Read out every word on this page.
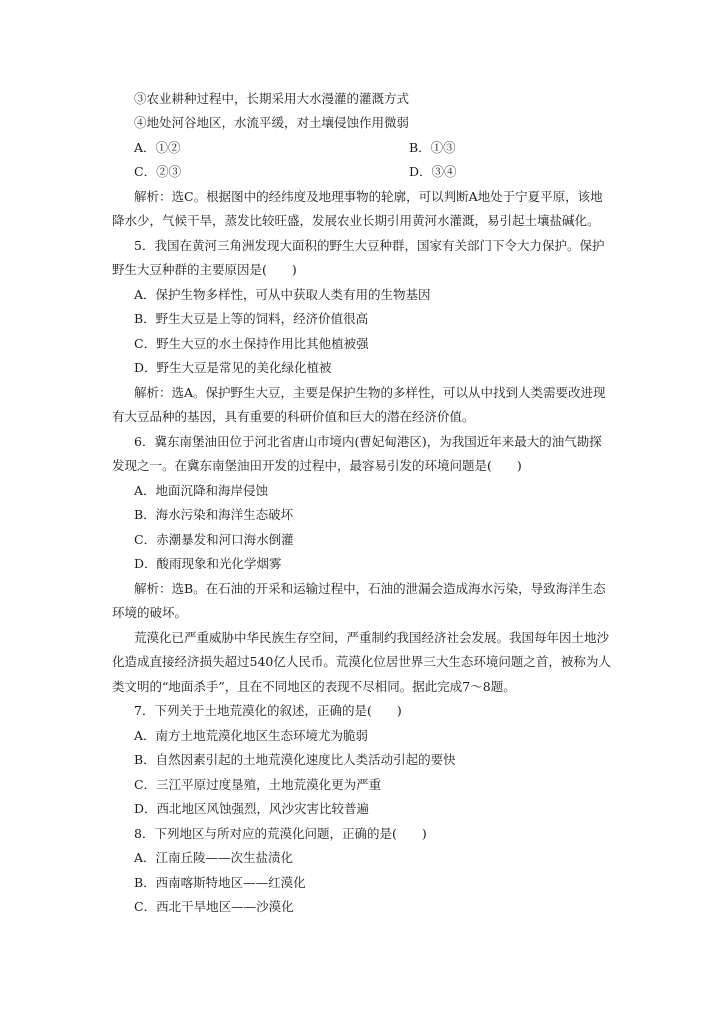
③农业耕种过程中，长期采用大水漫灌的灌溉方式

④地处河谷地区，水流平缓，对土壤侵蚀作用微弱

A．①②	B．①③

C．②③	D．③④

解析：选C。根据图中的经纬度及地理事物的轮廓，可以判断A地处于宁夏平原，该地

降水少，气候干旱，蒸发比较旺盛，发展农业长期引用黄河水灌溉，易引起土壤盐碱化。

5．我国在黄河三角洲发现大面积的野生大豆种群，国家有关部门下令大力保护。保护

野生大豆种群的主要原因是(　　)

A．保护生物多样性，可从中获取人类有用的生物基因

B．野生大豆是上等的饲料，经济价值很高

C．野生大豆的水土保持作用比其他植被强

D．野生大豆是常见的美化绿化植被

解析：选A。保护野生大豆，主要是保护生物的多样性，可以从中找到人类需要改进现

有大豆品种的基因，具有重要的科研价值和巨大的潜在经济价值。

6．冀东南堡油田位于河北省唐山市境内(曹妃甸港区)，为我国近年来最大的油气勘探

发现之一。在冀东南堡油田开发的过程中，最容易引发的环境问题是(　　)

A．地面沉降和海岸侵蚀

B．海水污染和海洋生态破坏

C．赤潮暴发和河口海水倒灌

D．酸雨现象和光化学烟雾

解析：选B。在石油的开采和运输过程中，石油的泄漏会造成海水污染，导致海洋生态

环境的破坏。

荒漠化已严重威胁中华民族生存空间，严重制约我国经济社会发展。我国每年因土地沙

化造成直接经济损失超过540亿人民币。荒漠化位居世界三大生态环境问题之首，被称为人

类文明的“地面杀手”，且在不同地区的表现不尽相同。据此完成7～8题。

7．下列关于土地荒漠化的叙述，正确的是(　　)

A．南方土地荒漠化地区生态环境尤为脆弱

B．自然因素引起的土地荒漠化速度比人类活动引起的要快

C．三江平原过度垦殖，土地荒漠化更为严重

D．西北地区风蚀强烈，风沙灾害比较普遍

8．下列地区与所对应的荒漠化问题，正确的是(　　)

A．江南丘陵——次生盐渍化

B．西南喀斯特地区——红漠化

C．西北干旱地区——沙漠化
